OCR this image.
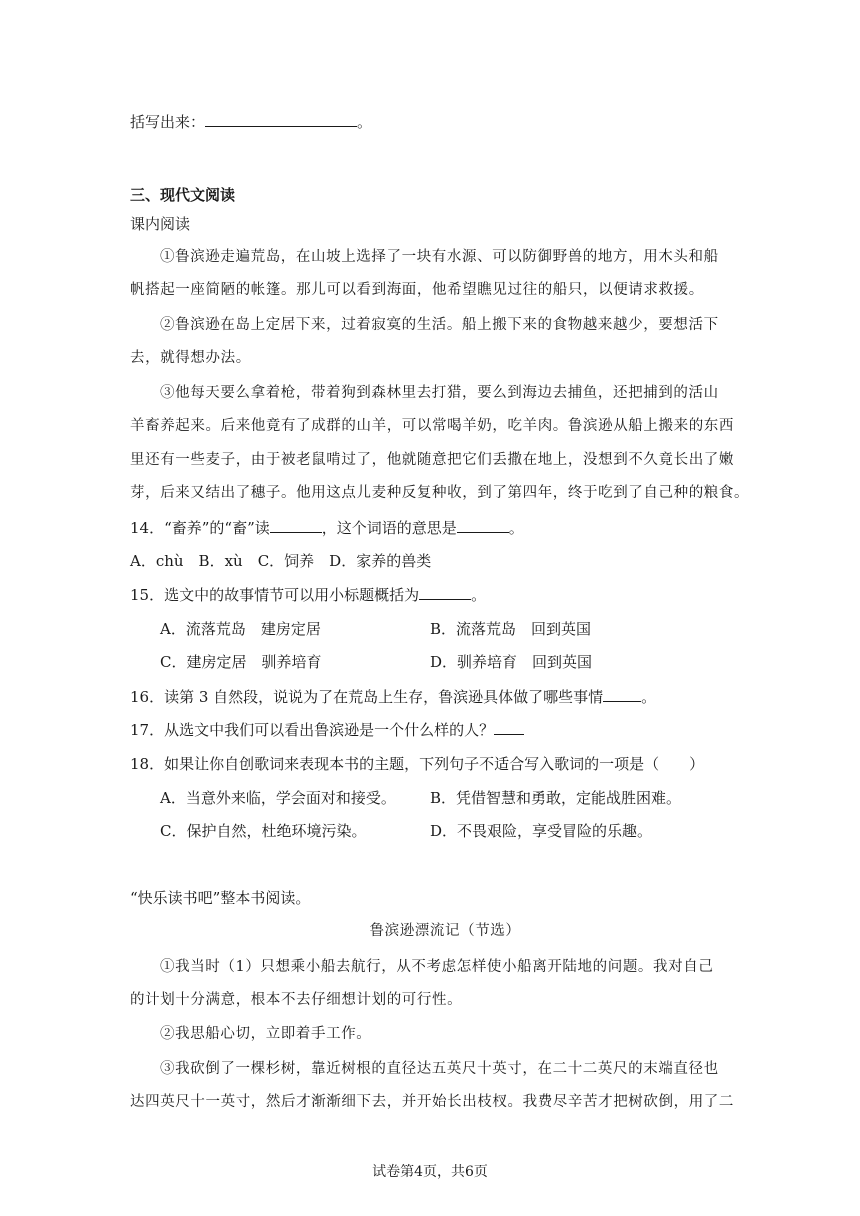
括写出来：	。
三、现代文阅读
课内阅读
①鲁滨逊走遍荒岛，在山坡上选择了一块有水源、可以防御野兽的地方，用木头和船
帆搭起一座简陋的帐篷。那儿可以看到海面，他希望瞧见过往的船只，以便请求救援。
②鲁滨逊在岛上定居下来，过着寂寞的生活。船上搬下来的食物越来越少，要想活下
去，就得想办法。
③他每天要么拿着枪，带着狗到森林里去打猎，要么到海边去捕鱼，还把捕到的活山
羊畜养起来。后来他竟有了成群的山羊，可以常喝羊奶，吃羊肉。鲁滨逊从船上搬来的东西
里还有一些麦子，由于被老鼠啃过了，他就随意把它们丢撒在地上，没想到不久竟长出了嫩
芽，后来又结出了穗子。他用这点儿麦种反复种收，到了第四年，终于吃到了自己种的粮食。
14．“畜养”的“畜”读	，这个词语的意思是	。
A．chù　B．xù　C．饲养　D．家养的兽类
15．选文中的故事情节可以用小标题概括为	。
A．流落荒岛　建房定居	B．流落荒岛　回到英国
C．建房定居　驯养培育	D．驯养培育　回到英国
16．读第 3 自然段，说说为了在荒岛上生存，鲁滨逊具体做了哪些事情	。
17．从选文中我们可以看出鲁滨逊是一个什么样的人？
18．如果让你自创歌词来表现本书的主题，下列句子不适合写入歌词的一项是（　　）
A．当意外来临，学会面对和接受。 B．凭借智慧和勇敢，定能战胜困难。
C．保护自然，杜绝环境污染。	D．不畏艰险，享受冒险的乐趣。
“快乐读书吧”整本书阅读。
鲁滨逊漂流记（节选）
①我当时（1）只想乘小船去航行，从不考虑怎样使小船离开陆地的问题。我对自己
的计划十分满意，根本不去仔细想计划的可行性。
②我思船心切，立即着手工作。
③我砍倒了一棵杉树，靠近树根的直径达五英尺十英寸，在二十二英尺的末端直径也
达四英尺十一英寸，然后才渐渐细下去，并开始长出枝杈。我费尽辛苦才把树砍倒，用了二
试卷第4页，共6页
